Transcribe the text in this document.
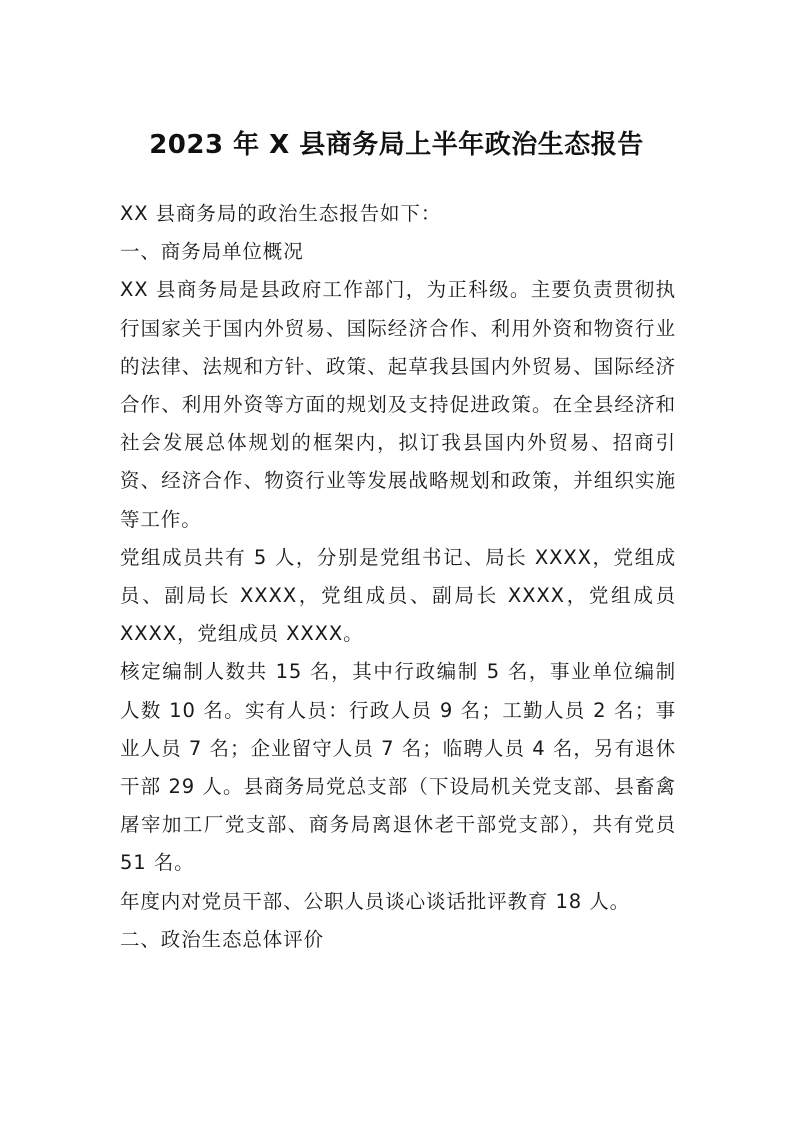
2023 年 X 县商务局上半年政治生态报告

XX 县商务局的政治生态报告如下：

一、商务局单位概况

XX 县商务局是县政府工作部门，为正科级。主要负责贯彻执行国家关于国内外贸易、国际经济合作、利用外资和物资行业的法律、法规和方针、政策、起草我县国内外贸易、国际经济合作、利用外资等方面的规划及支持促进政策。在全县经济和社会发展总体规划的框架内，拟订我县国内外贸易、招商引资、经济合作、物资行业等发展战略规划和政策，并组织实施等工作。

党组成员共有 5 人，分别是党组书记、局长 XXXX，党组成员、副局长 XXXX，党组成员、副局长 XXXX，党组成员 XXXX，党组成员 XXXX。

核定编制人数共 15 名，其中行政编制 5 名，事业单位编制人数 10 名。实有人员：行政人员 9 名；工勤人员 2 名；事业人员 7 名；企业留守人员 7 名；临聘人员 4 名，另有退休干部 29 人。县商务局党总支部（下设局机关党支部、县畜禽屠宰加工厂党支部、商务局离退休老干部党支部），共有党员 51 名。

年度内对党员干部、公职人员谈心谈话批评教育 18 人。

二、政治生态总体评价
